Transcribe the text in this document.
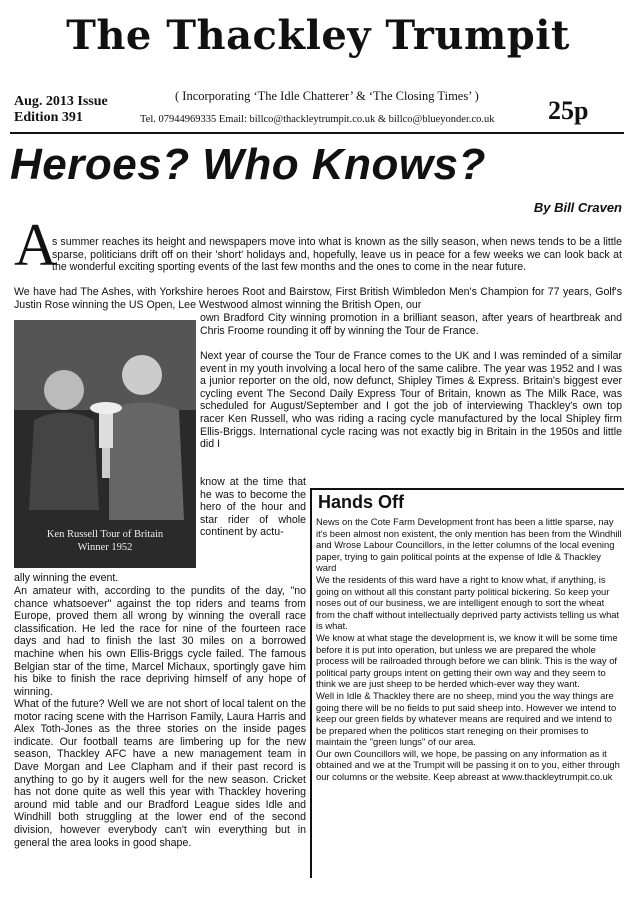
The Thackley Trumpit
Aug. 2013 Issue
Edition 391
( Incorporating ‘The Idle Chatterer’ & ‘The Closing Times’ )
Tel. 07944969335 Email: billco@thackleytrumpit.co.uk & billco@blueyonder.co.uk 25p
Heroes? Who Knows?
By Bill Craven
A
s summer reaches its height and newspapers move into what is known as the silly season, when news tends to be a little sparse, politicians drift off on their 'short' holidays and, hopefully, leave us in peace for a few weeks we can look back at the wonderful exciting sporting events of the last few months and the ones to come in the near future.
We have had The Ashes, with Yorkshire heroes Root and Bairstow, First British Wimbledon Men's Champion for 77 years, Golf's Justin Rose winning the US Open, Lee Westwood almost winning the British Open, our
own Bradford City winning promotion in a brilliant season, after years of heartbreak and Chris Froome rounding it off by winning the Tour de France.
Next year of course the Tour de France comes to the UK and I was reminded of a similar event in my youth involving a local hero of the same calibre. The year was 1952 and I was a junior reporter on the old, now defunct, Shipley Times & Express. Britain's biggest ever cycling event The Second Daily Express Tour of Britain, known as The Milk Race, was scheduled for August/September and I got the job of interviewing Thackley's own top racer Ken Russell, who was riding a racing cycle manufactured by the local Shipley firm Ellis-Briggs. International cycle racing was not exactly big in Britain in the 1950s and little did I
Ken Russell Tour of Britain
Winner 1952
know at the time that he was to become the hero of the hour and star rider of whole continent by actu-
ally winning the event.
An amateur with, according to the pundits of the day, "no chance whatsoever" against the top riders and teams from Europe, proved them all wrong by winning the overall race classification. He led the race for nine of the fourteen race days and had to finish the last 30 miles on a borrowed machine when his own Ellis-Briggs cycle failed. The famous Belgian star of the time, Marcel Michaux, sportingly gave him his bike to finish the race depriving himself of any hope of winning.
What of the future? Well we are not short of local talent on the motor racing scene with the Harrison Family, Laura Harris and Alex Toth-Jones as the three stories on the inside pages indicate. Our football teams are limbering up for the new season, Thackley AFC have a new management team in Dave Morgan and Lee Clapham and if their past record is anything to go by it augers well for the new season. Cricket has not done quite as well this year with Thackley hovering around mid table and our Bradford League sides Idle and Windhill both struggling at the lower end of the second division, however everybody can't win everything but in general the area looks in good shape.
Hands Off
News on the Cote Farm Development front has been a little sparse, nay it's been almost non existent, the only mention has been from the Windhill and Wrose Labour Councillors, in the letter columns of the local evening paper, trying to gain political points at the expense of Idle & Thackley ward
We the residents of this ward have a right to know what, if anything, is going on without all this constant party political bickering. So keep your noses out of our business, we are intelligent enough to sort the wheat from the chaff without intellectually deprived party activists telling us what is what.
We know at what stage the development is, we know it will be some time before it is put into operation, but unless we are prepared the whole process will be railroaded through before we can blink. This is the way of political party groups intent on getting their own way and they seem to think we are just sheep to be herded which-ever way they want.
Well in Idle & Thackley there are no sheep, mind you the way things are going there will be no fields to put said sheep into. However we intend to keep our green fields by whatever means are required and we intend to be prepared when the politicos start reneging on their promises to maintain the "green lungs" of our area.
Our own Councillors will, we hope, be passing on any information as it obtained and we at the Trumpit will be passing it on to you, either through our columns or the website. Keep abreast at www.thackleytrumpit.co.uk
